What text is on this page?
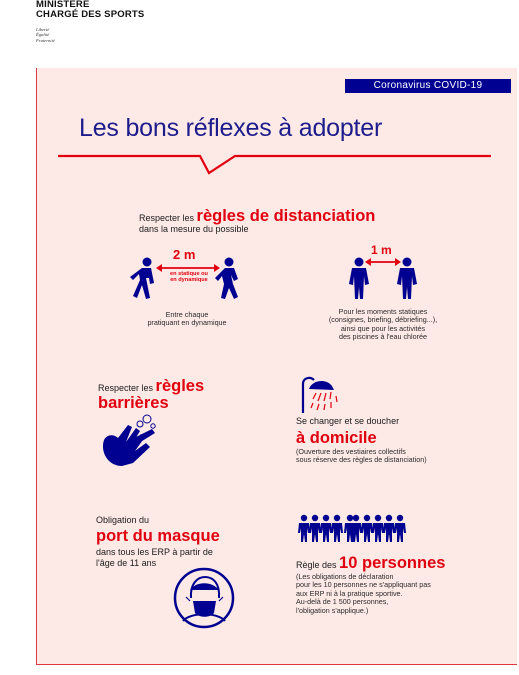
MINISTÈRE
CHARGÉ DES SPORTS
Liberté
Égalité
Fraternité
Coronavirus COVID-19
Les bons réflexes à adopter
Respecter les règles de distanciation
dans la mesure du possible
2 m
en statique ou
en dynamique
Entre chaque
pratiquant en dynamique
1 m
Pour les moments statiques
(consignes, briefing, débriefing...),
ainsi que pour les activités
des piscines à l'eau chlorée
Respecter les règles
barrières
Se changer et se doucher
à domicile
(Ouverture des vestiaires collectifs
sous réserve des règles de distanciation)
Obligation du
port du masque
dans tous les ERP à partir de
l'âge de 11 ans	Règle des 10 personnes
(Les obligations de déclaration
pour les 10 personnes ne s'appliquant pas
aux ERP ni à la pratique sportive.
Au-delà de 1 500 personnes,
l'obligation s'applique.)
